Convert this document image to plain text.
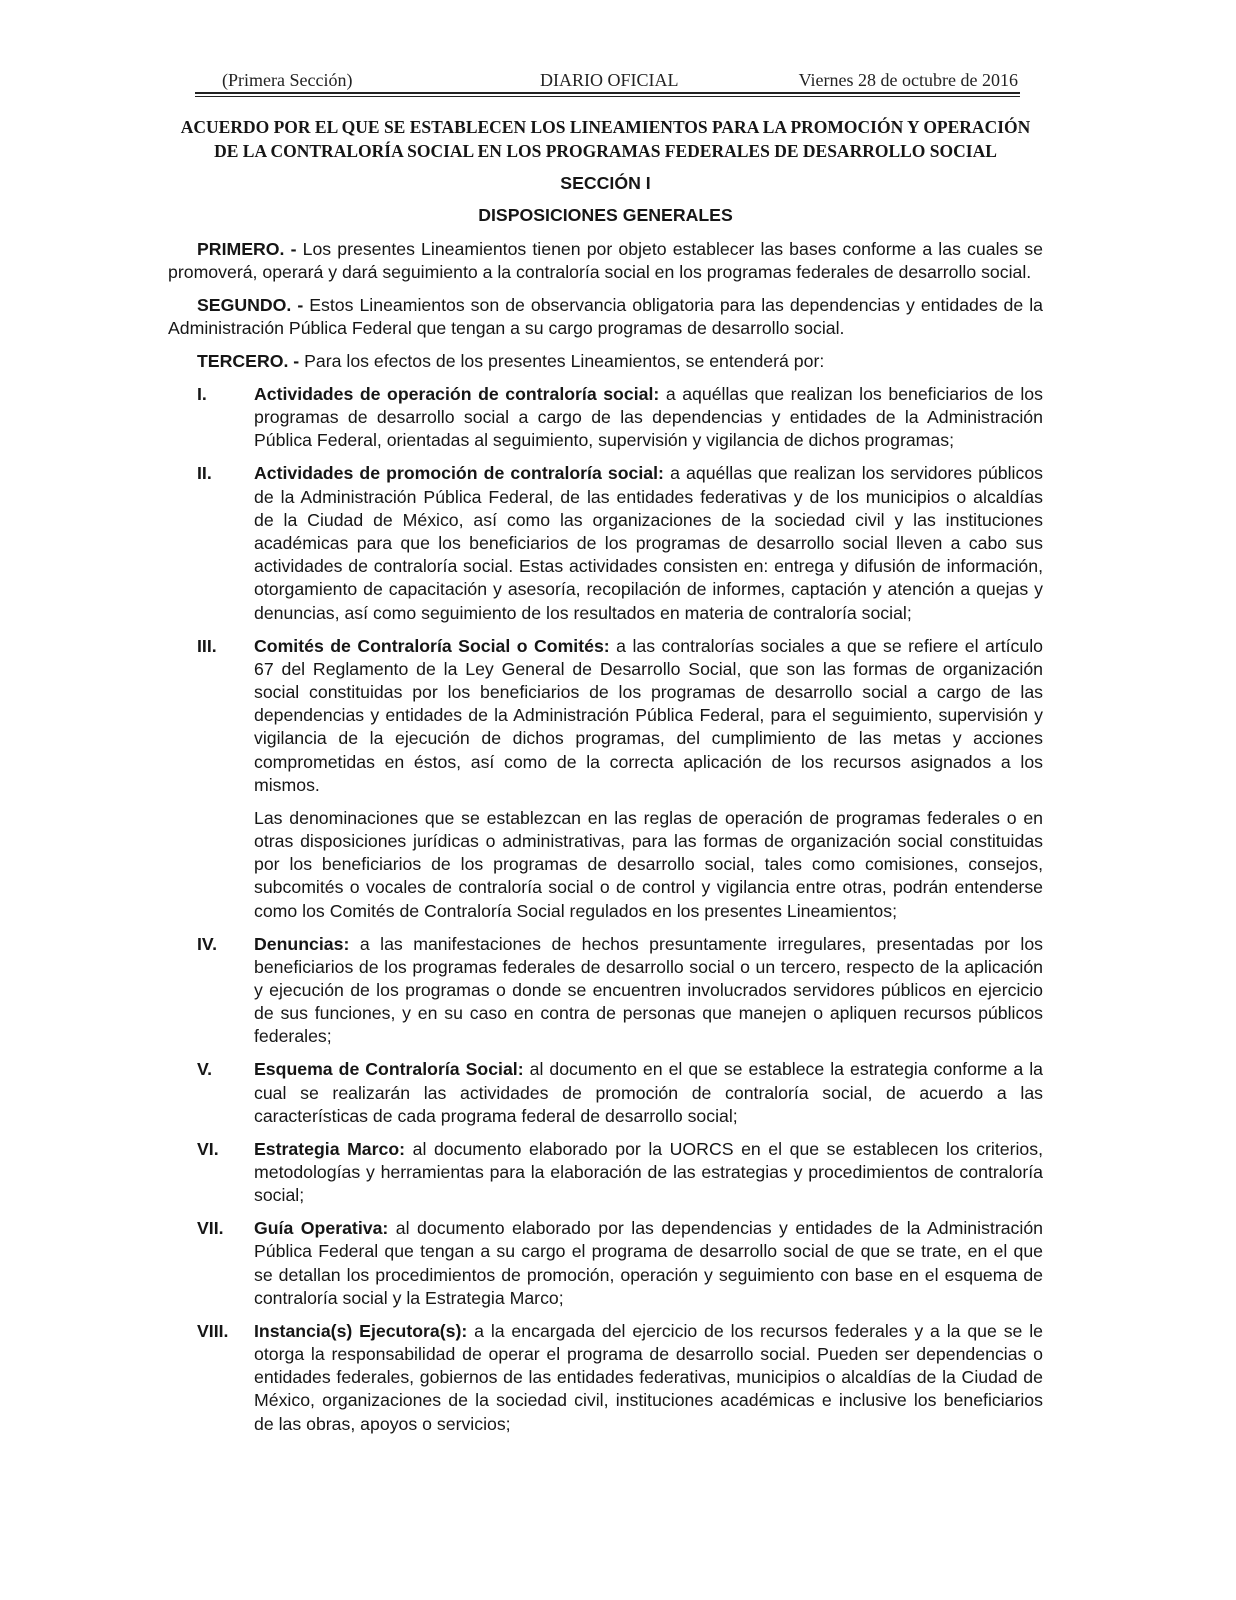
(Primera Sección)	DIARIO OFICIAL	Viernes 28 de octubre de 2016
ACUERDO POR EL QUE SE ESTABLECEN LOS LINEAMIENTOS PARA LA PROMOCIÓN Y OPERACIÓN
DE LA CONTRALORÍA SOCIAL EN LOS PROGRAMAS FEDERALES DE DESARROLLO SOCIAL
SECCIÓN I
DISPOSICIONES GENERALES
PRIMERO. - Los presentes Lineamientos tienen por objeto establecer las bases conforme a las cuales se
promoverá, operará y dará seguimiento a la contraloría social en los programas federales de desarrollo social.
SEGUNDO. - Estos Lineamientos son de observancia obligatoria para las dependencias y entidades de la
Administración Pública Federal que tengan a su cargo programas de desarrollo social.
TERCERO. - Para los efectos de los presentes Lineamientos, se entenderá por:
I.	Actividades de operación de contraloría social: a aquéllas que realizan los beneficiarios de los
programas de desarrollo social a cargo de las dependencias y entidades de la Administración
Pública Federal, orientadas al seguimiento, supervisión y vigilancia de dichos programas;
II. Actividades de promoción de contraloría social: a aquéllas que realizan los servidores públicos
de la Administración Pública Federal, de las entidades federativas y de los municipios o alcaldías
de la Ciudad de México, así como las organizaciones de la sociedad civil y las instituciones
académicas para que los beneficiarios de los programas de desarrollo social lleven a cabo sus
actividades de contraloría social. Estas actividades consisten en: entrega y difusión de información,
otorgamiento de capacitación y asesoría, recopilación de informes, captación y atención a quejas y
denuncias, así como seguimiento de los resultados en materia de contraloría social;
III. Comités de Contraloría Social o Comités: a las contralorías sociales a que se refiere el artículo
67 del Reglamento de la Ley General de Desarrollo Social, que son las formas de organización
social constituidas por los beneficiarios de los programas de desarrollo social a cargo de las
dependencias y entidades de la Administración Pública Federal, para el seguimiento, supervisión y
vigilancia de la ejecución de dichos programas, del cumplimiento de las metas y acciones
comprometidas en éstos, así como de la correcta aplicación de los recursos asignados a los
mismos.
Las denominaciones que se establezcan en las reglas de operación de programas federales o en
otras disposiciones jurídicas o administrativas, para las formas de organización social constituidas
por los beneficiarios de los programas de desarrollo social, tales como comisiones, consejos,
subcomités o vocales de contraloría social o de control y vigilancia entre otras, podrán entenderse
como los Comités de Contraloría Social regulados en los presentes Lineamientos;
IV. Denuncias: a las manifestaciones de hechos presuntamente irregulares, presentadas por los
beneficiarios de los programas federales de desarrollo social o un tercero, respecto de la aplicación
y ejecución de los programas o donde se encuentren involucrados servidores públicos en ejercicio
de sus funciones, y en su caso en contra de personas que manejen o apliquen recursos públicos
federales;
V. Esquema de Contraloría Social: al documento en el que se establece la estrategia conforme a la
cual se realizarán las actividades de promoción de contraloría social, de acuerdo a las
características de cada programa federal de desarrollo social;
VI. Estrategia Marco: al documento elaborado por la UORCS en el que se establecen los criterios,
metodologías y herramientas para la elaboración de las estrategias y procedimientos de contraloría
social;
VII. Guía Operativa: al documento elaborado por las dependencias y entidades de la Administración
Pública Federal que tengan a su cargo el programa de desarrollo social de que se trate, en el que
se detallan los procedimientos de promoción, operación y seguimiento con base en el esquema de
contraloría social y la Estrategia Marco;
VIII. Instancia(s) Ejecutora(s): a la encargada del ejercicio de los recursos federales y a la que se le
otorga la responsabilidad de operar el programa de desarrollo social. Pueden ser dependencias o
entidades federales, gobiernos de las entidades federativas, municipios o alcaldías de la Ciudad de
México, organizaciones de la sociedad civil, instituciones académicas e inclusive los beneficiarios
de las obras, apoyos o servicios;
